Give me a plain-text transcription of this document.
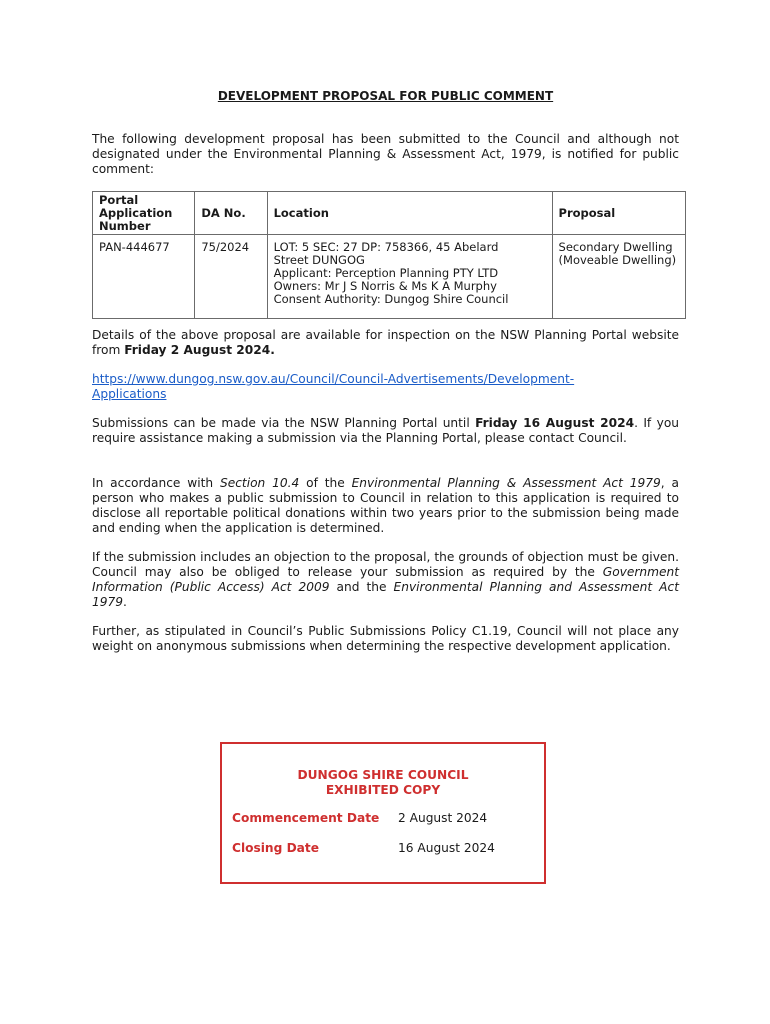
DEVELOPMENT PROPOSAL FOR PUBLIC COMMENT

The following development proposal has been submitted to the Council and although not designated under the Environmental Planning & Assessment Act, 1979, is notified for public comment:

Portal
Application
Number	DA No.	Location	Proposal
PAN-444677	75/2024	LOT: 5 SEC: 27 DP: 758366, 45 Abelard
Street DUNGOG
Applicant: Perception Planning PTY LTD
Owners: Mr J S Norris & Ms K A Murphy
Consent Authority: Dungog Shire Council	Secondary Dwelling
(Moveable Dwelling)

Details of the above proposal are available for inspection on the NSW Planning Portal website from Friday 2 August 2024.

https://www.dungog.nsw.gov.au/Council/Council-Advertisements/Development-
Applications

Submissions can be made via the NSW Planning Portal until Friday 16 August 2024. If you require assistance making a submission via the Planning Portal, please contact Council.

In accordance with Section 10.4 of the Environmental Planning & Assessment Act 1979, a person who makes a public submission to Council in relation to this application is required to disclose all reportable political donations within two years prior to the submission being made and ending when the application is determined.

If the submission includes an objection to the proposal, the grounds of objection must be given. Council may also be obliged to release your submission as required by the Government Information (Public Access) Act 2009 and the Environmental Planning and Assessment Act 1979.

Further, as stipulated in Council’s Public Submissions Policy C1.19, Council will not place any weight on anonymous submissions when determining the respective development application.

DUNGOG SHIRE COUNCIL
EXHIBITED COPY
Commencement Date 2 August 2024
Closing Date	16 August 2024
